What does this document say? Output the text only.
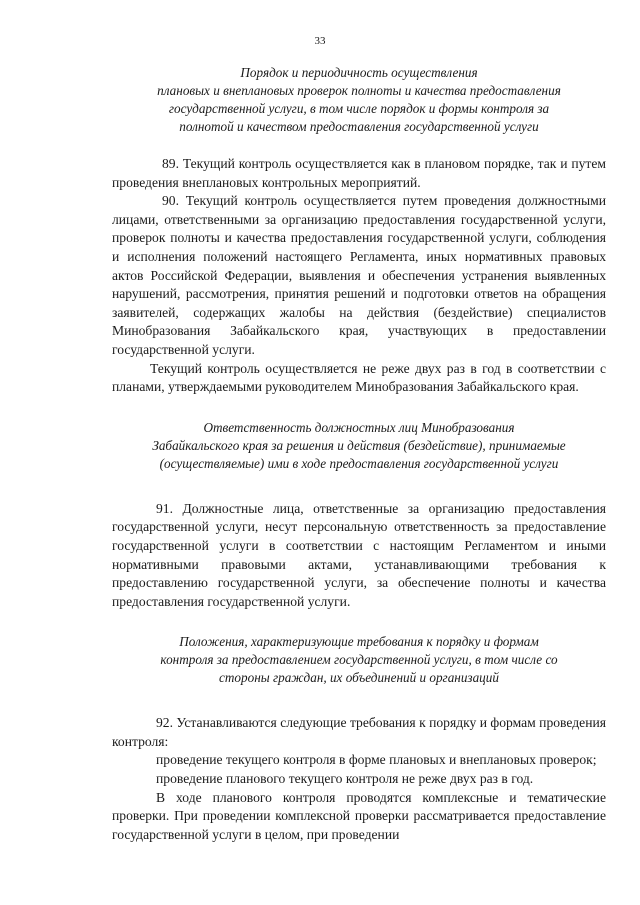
33

Порядок и периодичность осуществления
плановых и внеплановых проверок полноты и качества предоставления
государственной услуги, в том числе порядок и формы контроля за
полнотой и качеством предоставления государственной услуги

89. Текущий контроль осуществляется как в плановом порядке, так и путем проведения внеплановых контрольных мероприятий.

90. Текущий контроль осуществляется путем проведения должностными лицами, ответственными за организацию предоставления государственной услуги, проверок полноты и качества предоставления государственной услуги, соблюдения и исполнения положений настоящего Регламента, иных нормативных правовых актов Российской Федерации, выявления и обеспечения устранения выявленных нарушений, рассмотрения, принятия решений и подготовки ответов на обращения заявителей, содержащих жалобы на действия (бездействие) специалистов Минобразования Забайкальского края, участвующих в предоставлении государственной услуги.

Текущий контроль осуществляется не реже двух раз в год в соответствии с планами, утверждаемыми руководителем Минобразования Забайкальского края.

Ответственность должностных лиц Минобразования
Забайкальского края за решения и действия (бездействие), принимаемые
(осуществляемые) ими в ходе предоставления государственной услуги

91. Должностные лица, ответственные за организацию предоставления государственной услуги, несут персональную ответственность за предоставление государственной услуги в соответствии с настоящим Регламентом и иными нормативными правовыми актами, устанавливающими требования к предоставлению государственной услуги, за обеспечение полноты и качества предоставления государственной услуги.

Положения, характеризующие требования к порядку и формам
контроля за предоставлением государственной услуги, в том числе со
стороны граждан, их объединений и организаций

92. Устанавливаются следующие требования к порядку и формам проведения контроля:

проведение текущего контроля в форме плановых и внеплановых проверок;

проведение планового текущего контроля не реже двух раз в год.

В ходе планового контроля проводятся комплексные и тематические проверки. При проведении комплексной проверки рассматривается предоставление государственной услуги в целом, при проведении
